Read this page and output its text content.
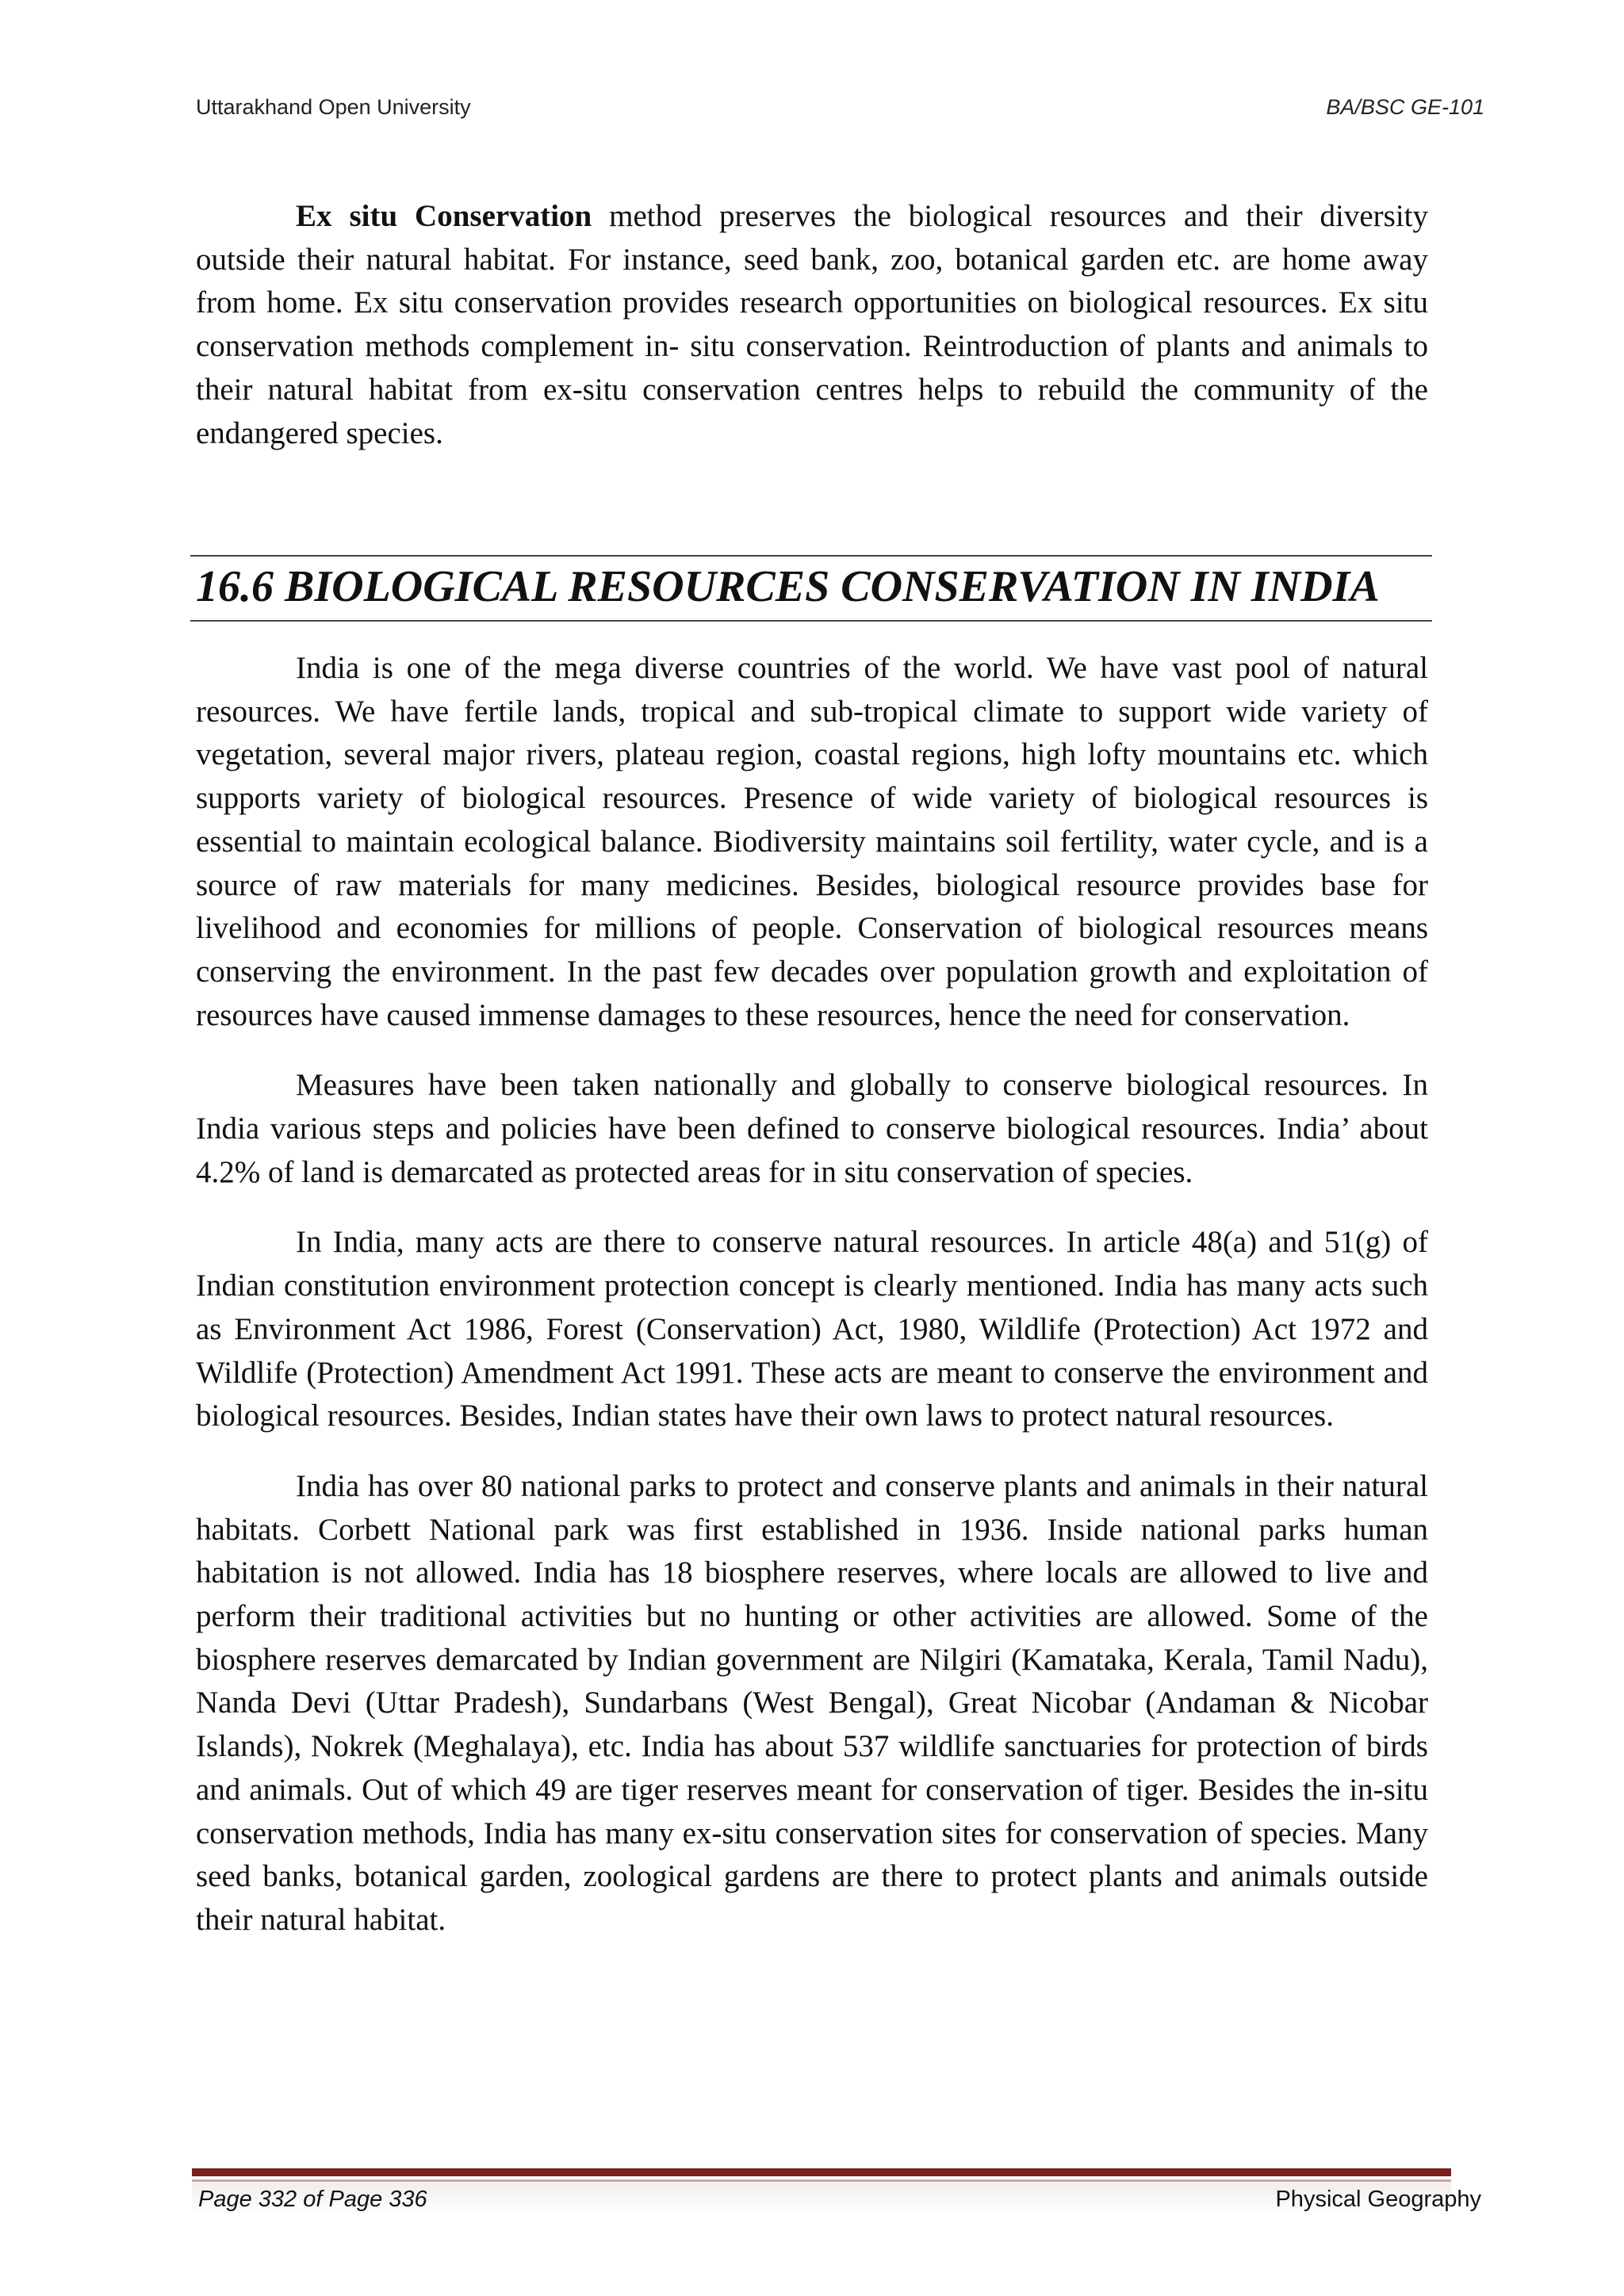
Uttarakhand Open University	BA/BSC GE-101

Ex situ Conservation method preserves the biological resources and their diversity outside their natural habitat. For instance, seed bank, zoo, botanical garden etc. are home away from home. Ex situ conservation provides research opportunities on biological resources. Ex situ conservation methods complement in- situ conservation. Reintroduction of plants and animals to their natural habitat from ex-situ conservation centres helps to rebuild the community of the endangered species.

16.6 BIOLOGICAL RESOURCES CONSERVATION IN INDIA

India is one of the mega diverse countries of the world. We have vast pool of natural resources. We have fertile lands, tropical and sub-tropical climate to support wide variety of vegetation, several major rivers, plateau region, coastal regions, high lofty mountains etc. which supports variety of biological resources. Presence of wide variety of biological resources is essential to maintain ecological balance. Biodiversity maintains soil fertility, water cycle, and is a source of raw materials for many medicines. Besides, biological resource provides base for livelihood and economies for millions of people. Conservation of biological resources means conserving the environment. In the past few decades over population growth and exploitation of resources have caused immense damages to these resources, hence the need for conservation.

Measures have been taken nationally and globally to conserve biological resources. In India various steps and policies have been defined to conserve biological resources. India’ about 4.2% of land is demarcated as protected areas for in situ conservation of species.

In India, many acts are there to conserve natural resources. In article 48(a) and 51(g) of Indian constitution environment protection concept is clearly mentioned. India has many acts such as Environment Act 1986, Forest (Conservation) Act, 1980, Wildlife (Protection) Act 1972 and Wildlife (Protection) Amendment Act 1991. These acts are meant to conserve the environment and biological resources. Besides, Indian states have their own laws to protect natural resources.

India has over 80 national parks to protect and conserve plants and animals in their natural habitats. Corbett National park was first established in 1936. Inside national parks human habitation is not allowed. India has 18 biosphere reserves, where locals are allowed to live and perform their traditional activities but no hunting or other activities are allowed. Some of the biosphere reserves demarcated by Indian government are Nilgiri (Kamataka, Kerala, Tamil Nadu), Nanda Devi (Uttar Pradesh), Sundarbans (West Bengal), Great Nicobar (Andaman & Nicobar Islands), Nokrek (Meghalaya), etc. India has about 537 wildlife sanctuaries for protection of birds and animals. Out of which 49 are tiger reserves meant for conservation of tiger. Besides the in-situ conservation methods, India has many ex-situ conservation sites for conservation of species. Many seed banks, botanical garden, zoological gardens are there to protect plants and animals outside their natural habitat.

Page 332 of Page 336	Physical Geography
